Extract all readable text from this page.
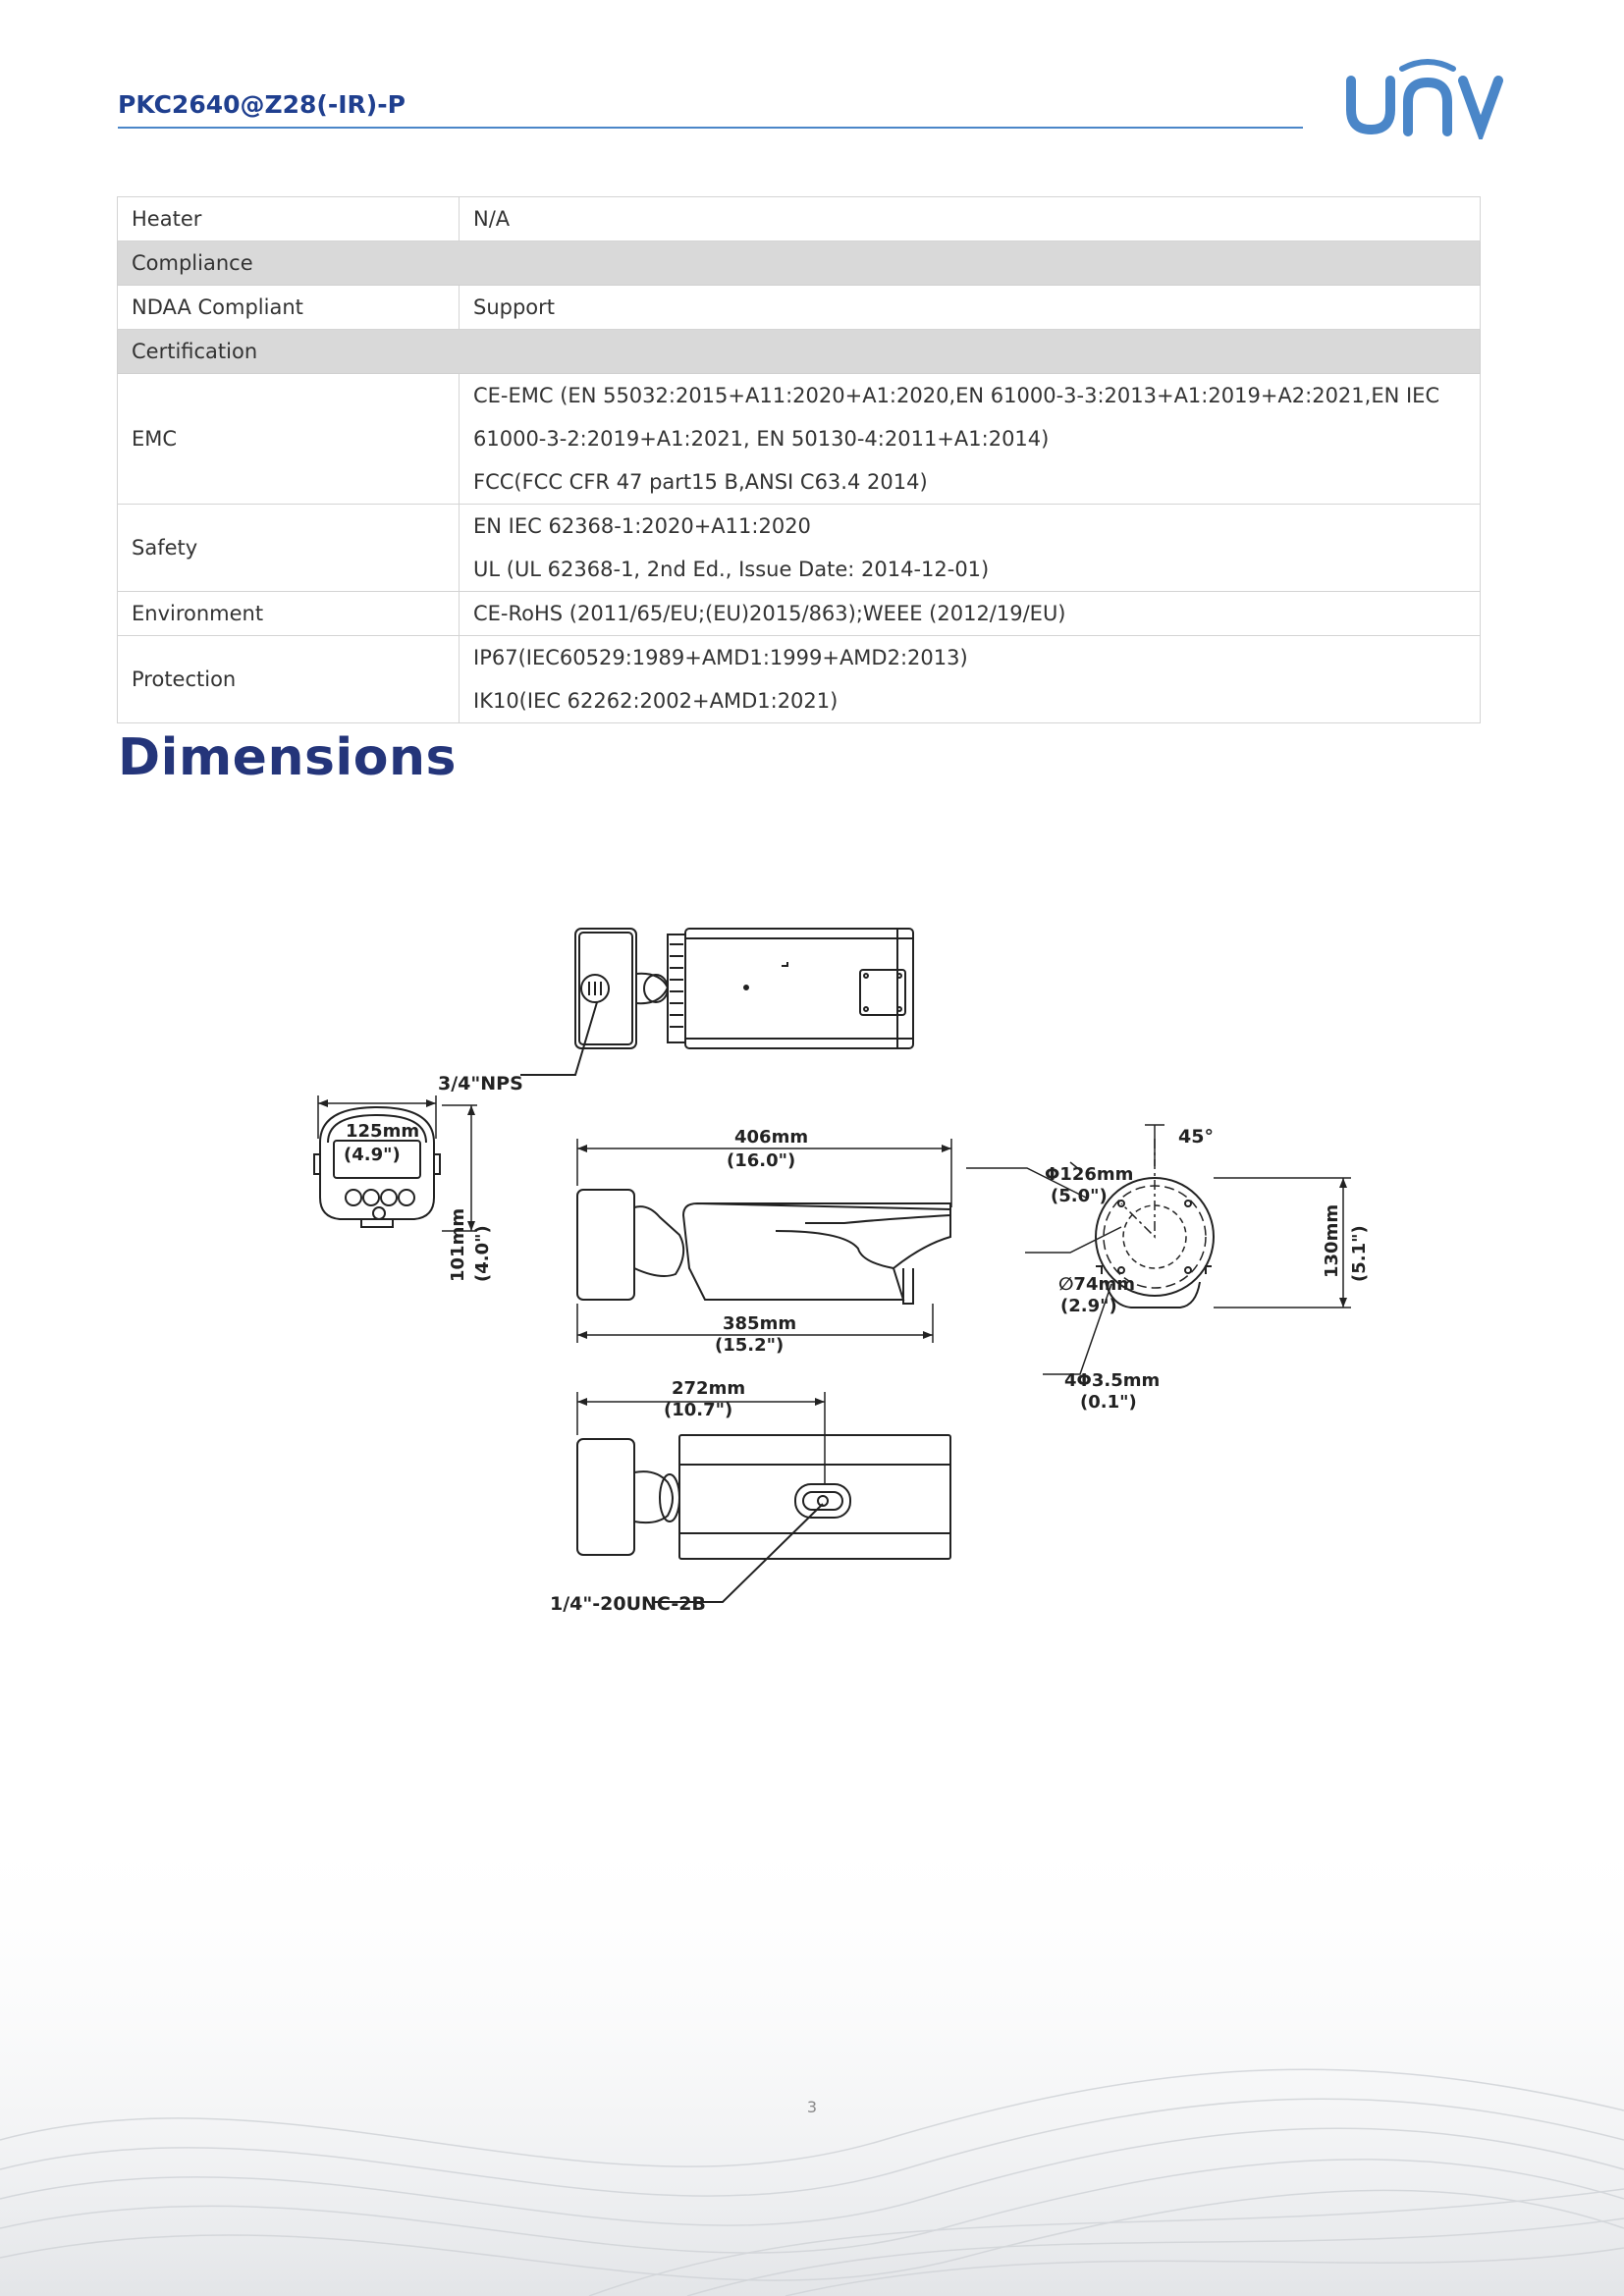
PKC2640@Z28(-IR)-P
Heater	N/A

Compliance	
NDAA Compliant	Support

Certification	
EMC	CE-EMC (EN 55032:2015+A11:2020+A1:2020,EN 61000-3-3:2013+A1:2019+A2:2021,EN IEC
61000-3-2:2019+A1:2021, EN 50130-4:2011+A1:2014)
FCC(FCC CFR 47 part15 B,ANSI C63.4 2014)

Safety	EN IEC 62368-1:2020+A11:2020
UL (UL 62368-1, 2nd Ed., Issue Date: 2014-12-01)

Environment	CE-RoHS (2011/65/EU;(EU)2015/863);WEEE (2012/19/EU)

Protection	IP67(IEC60529:1989+AMD1:1999+AMD2:2013)
IK10(IEC 62262:2002+AMD1:2021)
Dimensions
3/4"NPS
125mm
(4.9")
101mm (4.0")
406mm
(16.0")
385mm
(15.2")
272mm
(10.7")
1/4"-20UNC-2B
45°
Φ126mm
(5.0")
∅74mm
(2.9")
130mm (5.1")
4Φ3.5mm
(0.1")
3
